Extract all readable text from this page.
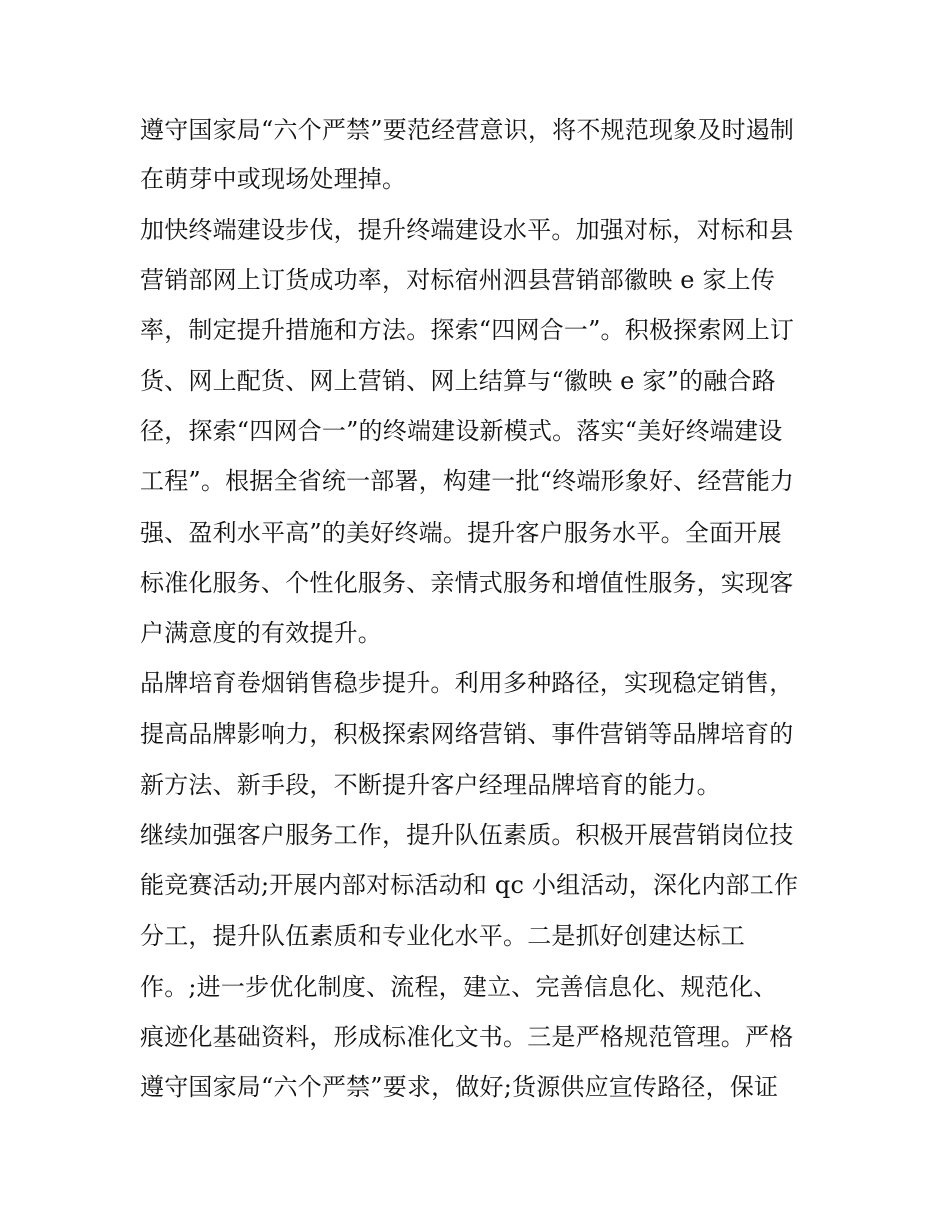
遵守国家局“六个严禁”要范经营意识，将不规范现象及时遏制
在萌芽中或现场处理掉。
加快终端建设步伐，提升终端建设水平。加强对标，对标和县
营销部网上订货成功率，对标宿州泗县营销部徽映 e 家上传
率，制定提升措施和方法。探索“四网合一”。积极探索网上订
货、网上配货、网上营销、网上结算与“徽映 e 家”的融合路
径，探索“四网合一”的终端建设新模式。落实“美好终端建设
工程”。根据全省统一部署，构建一批“终端形象好、经营能力
强、盈利水平高”的美好终端。提升客户服务水平。全面开展
标准化服务、个性化服务、亲情式服务和增值性服务，实现客
户满意度的有效提升。
品牌培育卷烟销售稳步提升。利用多种路径，实现稳定销售，
提高品牌影响力，积极探索网络营销、事件营销等品牌培育的
新方法、新手段，不断提升客户经理品牌培育的能力。
继续加强客户服务工作，提升队伍素质。积极开展营销岗位技
能竞赛活动;开展内部对标活动和 qc 小组活动，深化内部工作
分工，提升队伍素质和专业化水平。二是抓好创建达标工
作。;进一步优化制度、流程，建立、完善信息化、规范化、
痕迹化基础资料，形成标准化文书。三是严格规范管理。严格
遵守国家局“六个严禁”要求，做好;货源供应宣传路径，保证
